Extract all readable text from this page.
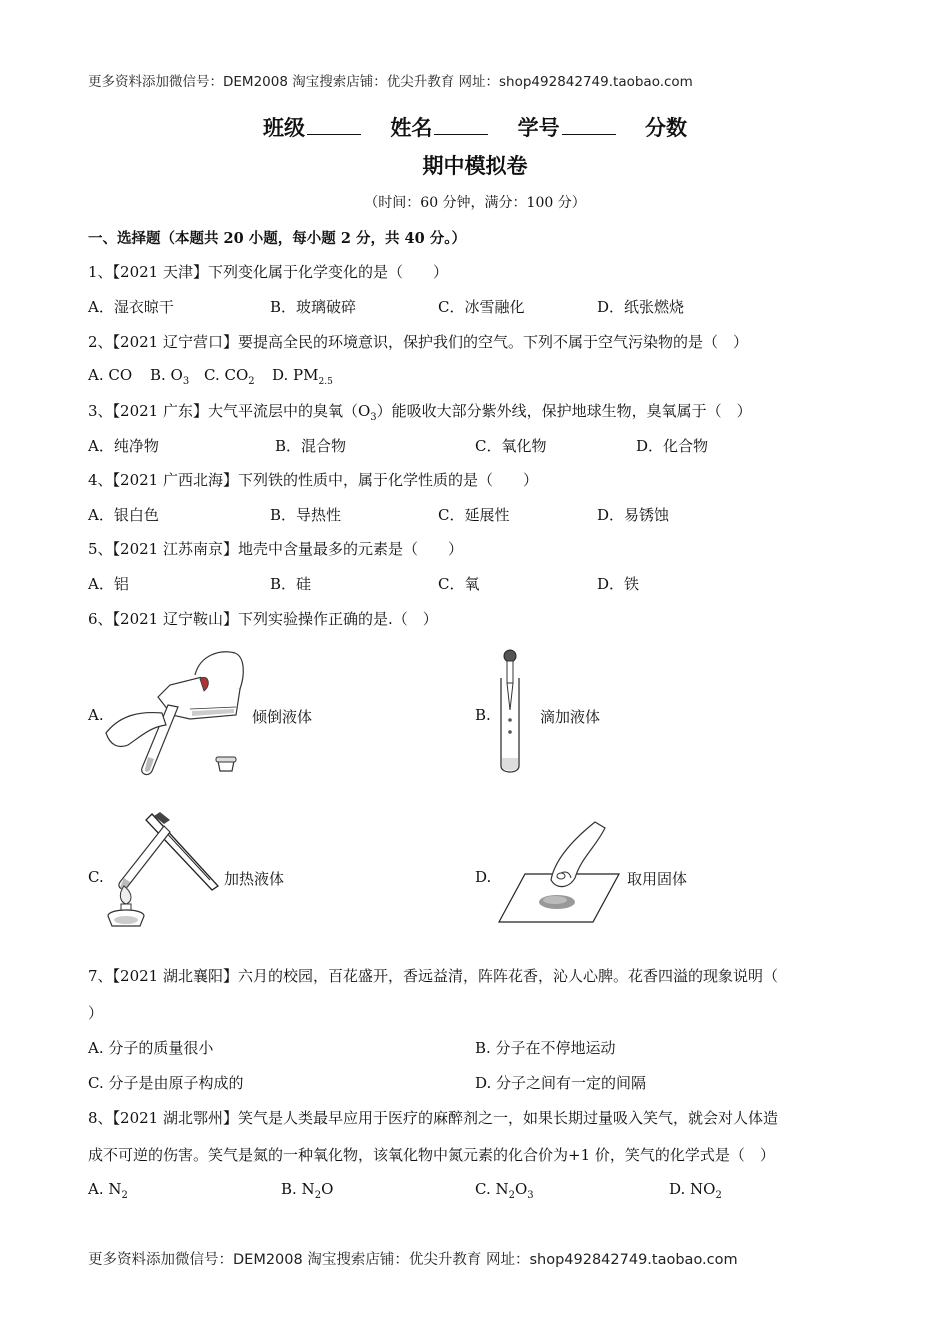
更多资料添加微信号：DEM2008 淘宝搜索店铺：优尖升教育 网址：shop492842749.taobao.com
班级	姓名	学号	分数
期中模拟卷
（时间：60 分钟，满分：100 分）
一、选择题（本题共 20 小题，每小题 2 分，共 40 分。）
1、【2021 天津】下列变化属于化学变化的是（　　）
A．湿衣晾干	B．玻璃破碎	C．冰雪融化	D．纸张燃烧
2、【2021 辽宁营口】要提高全民的环境意识，保护我们的空气。下列不属于空气污染物的是（　）
A. CO B. $O_3$ C. $CO_2$ D. $PM_{2.5}$
3、【2021 广东】大气平流层中的臭氧$(O_3)$能吸收大部分紫外线，保护地球生物，臭氧属于（　）
A．纯净物	B．混合物	C．氧化物	D．化合物
4、【2021 广西北海】下列铁的性质中，属于化学性质的是（　　）
A．银白色	B．导热性	C．延展性	D．易锈蚀
5、【2021 江苏南京】地壳中含量最多的元素是（　　）
A．铝	B．硅	C．氧	D．铁
6、【2021 辽宁鞍山】下列实验操作正确的是.（　）
A.	倾倒液体	B.	滴加液体
C.	加热液体	D.	取用固体
7、【2021 湖北襄阳】六月的校园，百花盛开，香远益清，阵阵花香，沁人心脾。花香四溢的现象说明（
）
A. 分子的质量很小	B. 分子在不停地运动
C. 分子是由原子构成的	D. 分子之间有一定的间隔
8、【2021 湖北鄂州】笑气是人类最早应用于医疗的麻醉剂之一，如果长期过量吸入笑气，就会对人体造
成不可逆的伤害。笑气是氮的一种氧化物，该氧化物中氮元素的化合价为+1 价，笑气的化学式是（　）
A. $N_2$	B. $N_2O$	C. $N_2O_3$	D. $NO_2$
更多资料添加微信号：DEM2008 淘宝搜索店铺：优尖升教育 网址：shop492842749.taobao.com
